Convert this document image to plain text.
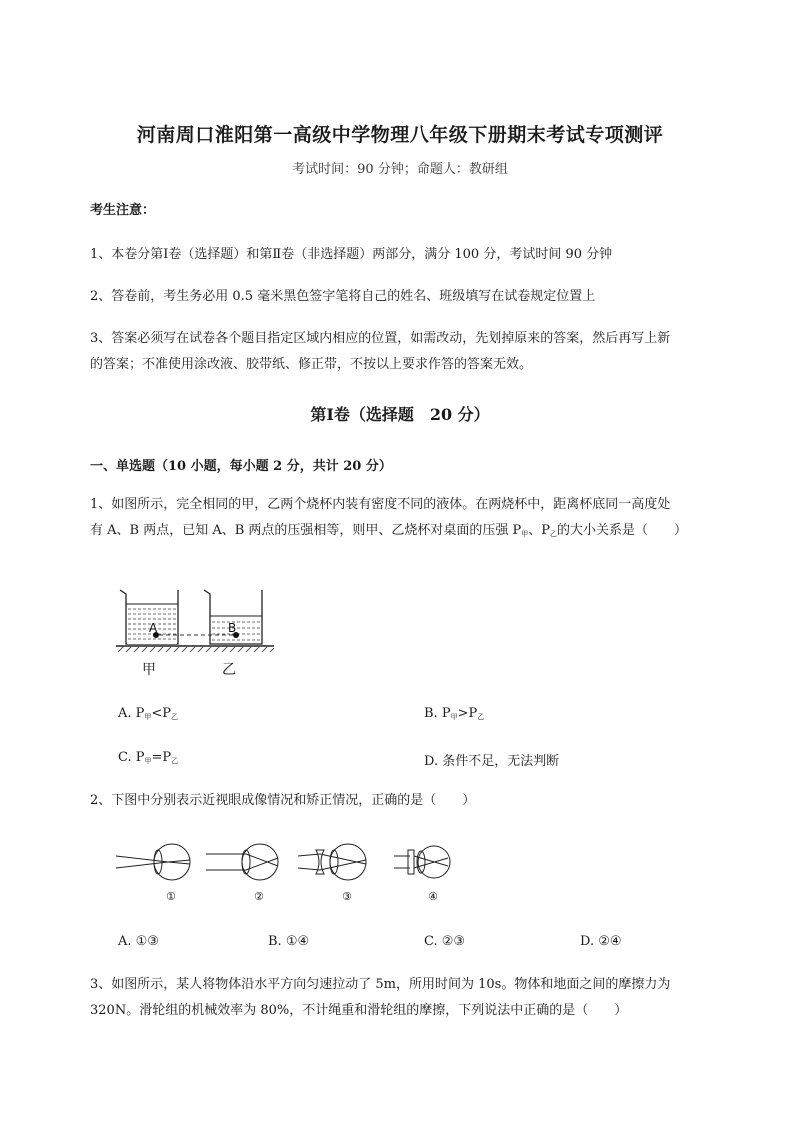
河南周口淮阳第一高级中学物理八年级下册期末考试专项测评
考试时间：90 分钟；命题人：教研组
考生注意：
1、本卷分第Ⅰ卷（选择题）和第Ⅱ卷（非选择题）两部分，满分 100 分，考试时间 90 分钟
2、答卷前，考生务必用 0.5 毫米黑色签字笔将自己的姓名、班级填写在试卷规定位置上
3、答案必须写在试卷各个题目指定区域内相应的位置，如需改动，先划掉原来的答案，然后再写上新
的答案；不准使用涂改液、胶带纸、修正带，不按以上要求作答的答案无效。
第Ⅰ卷（选择题　20 分）
一、单选题（10 小题，每小题 2 分，共计 20 分）
1、如图所示，完全相同的甲，乙两个烧杯内装有密度不同的液体。在两烧杯中，距离杯底同一高度处
有 A、B 两点，已知 A、B 两点的压强相等，则甲、乙烧杯对桌面的压强 $P_甲$、$P_乙$的大小关系是（　　）
A	B
甲	乙
A. $P_甲<P_乙$	B. $P_甲>P_乙$
C. $P_甲=P_乙$	D. 条件不足，无法判断
2、下图中分别表示近视眼成像情况和矫正情况，正确的是（　　）
①	②	③	④
A. ①③	B. ①④	C. ②③	D. ②④
3、如图所示，某人将物体沿水平方向匀速拉动了 5m，所用时间为 10s。物体和地面之间的摩擦力为
320N。滑轮组的机械效率为 80%，不计绳重和滑轮组的摩擦，下列说法中正确的是（　　）
